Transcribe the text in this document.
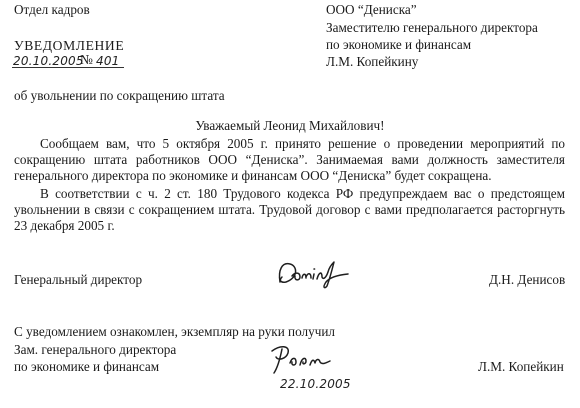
Отдел кадров
УВЕДОМЛЕНИЕ
20.10.2005
№ 401
ООО “Дениска”
Заместителю генерального директора
по экономике и финансам
Л.М. Копейкину
об увольнении по сокращению штата
Уважаемый Леонид Михайлович!
Сообщаем вам, что 5 октября 2005 г. принято решение о проведении мероприятий по сокращению штата работников ООО “Дениска”. Занимаемая вами должность заместителя генерального директора по экономике и финансам ООО “Дениска” будет сокращена.
В соответствии с ч. 2 ст. 180 Трудового кодекса РФ предупреждаем вас о предстоящем увольнении в связи с сокращением штата. Трудовой договор с вами предполагается расторгнуть 23 декабря 2005 г.
Генеральный директор	Д.Н. Денисов
С уведомлением ознакомлен, экземпляр на руки получил
Зам. генерального директора
по экономике и финансам
22.10.2005
Л.М. Копейкин
